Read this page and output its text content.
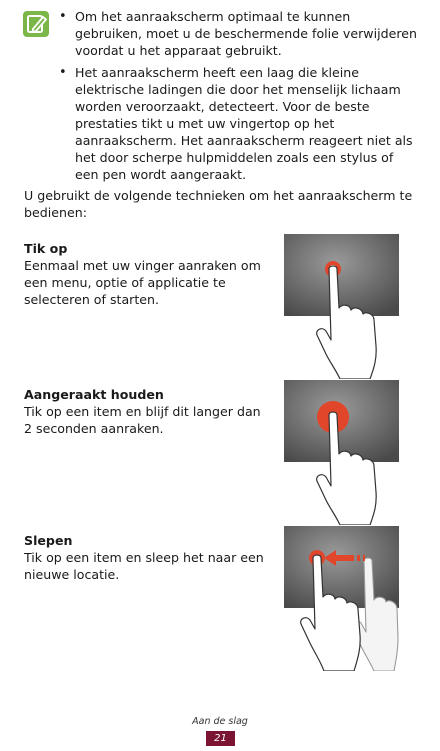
• Om het aanraakscherm optimaal te kunnen gebruiken, moet u de beschermende folie verwijderen voordat u het apparaat gebruikt.
• Het aanraakscherm heeft een laag die kleine elektrische ladingen die door het menselijk lichaam worden veroorzaakt, detecteert. Voor de beste prestaties tikt u met uw vingertop op het aanraakscherm. Het aanraakscherm reageert niet als het door scherpe hulpmiddelen zoals een stylus of een pen wordt aangeraakt.

U gebruikt de volgende technieken om het aanraakscherm te bedienen:

Tik op

Eenmaal met uw vinger aanraken om een menu, optie of applicatie te selecteren of starten.

Aangeraakt houden

Tik op een item en blijf dit langer dan 2 seconden aanraken.

Slepen

Tik op een item en sleep het naar een nieuwe locatie.

Aan de slag
21
